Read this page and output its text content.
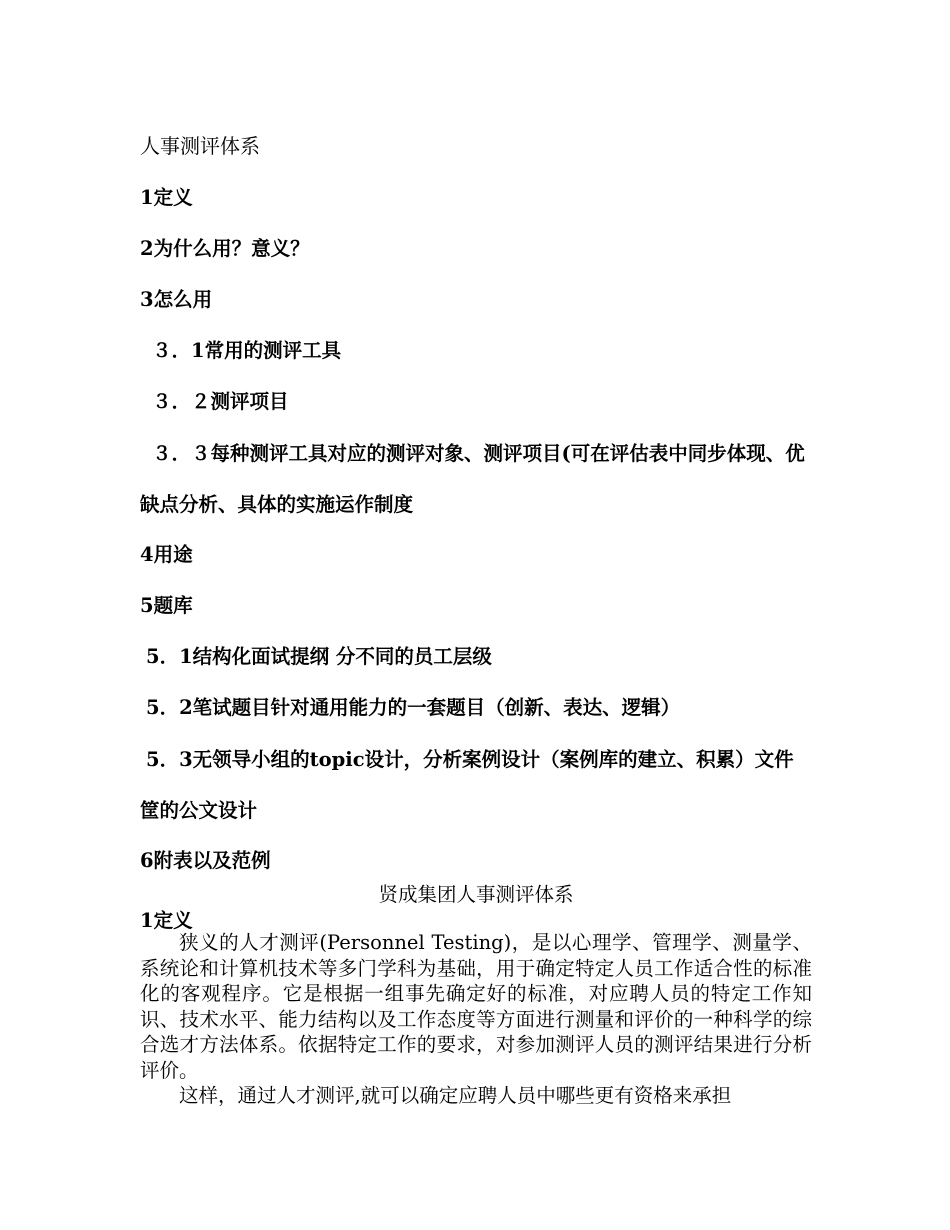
人事测评体系
1定义
2为什么用？意义？
3怎么用
３．1常用的测评工具
３．２测评项目
３．３每种测评工具对应的测评对象、测评项目(可在评估表中同步体现、优缺点分析、具体的实施运作制度
4用途
5题库
5．1结构化面试提纲 分不同的员工层级
5．2笔试题目针对通用能力的一套题目（创新、表达、逻辑）
5．3无领导小组的topic设计，分析案例设计（案例库的建立、积累）文件筐的公文设计
6附表以及范例
贤成集团人事测评体系
1定义

狭义的人才测评(Personnel Testing)，是以心理学、管理学、测量学、系统论和计算机技术等多门学科为基础，用于确定特定人员工作适合性的标准化的客观程序。它是根据一组事先确定好的标准，对应聘人员的特定工作知识、技术水平、能力结构以及工作态度等方面进行测量和评价的一种科学的综合选才方法体系。依据特定工作的要求，对参加测评人员的测评结果进行分析评价。

这样，通过人才测评,就可以确定应聘人员中哪些更有资格来承担
